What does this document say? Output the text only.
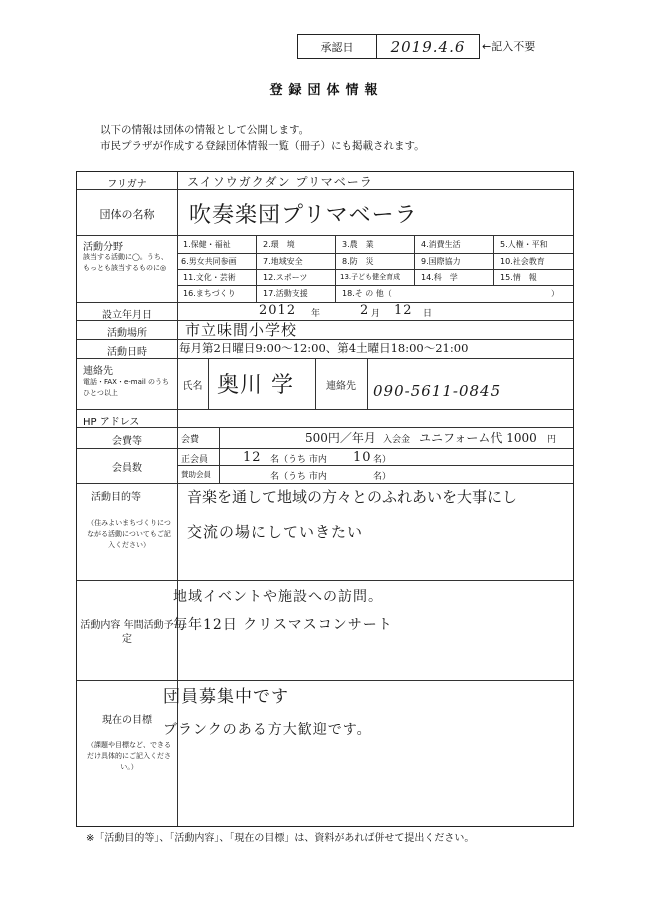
承認日	2019.4.6	←記入不要
登録団体情報
以下の情報は団体の情報として公開します。
市民プラザが作成する登録団体情報一覧（冊子）にも掲載されます。
フリガナ	スイソウガクダン プリマベーラ
団体の名称	吹奏楽団プリマベーラ
活動分野
該当する活動に◯。うち、もっとも該当するものに◎
1.保健・福祉	2.環　境	3.農　業	4.消費生活	5.人権・平和
6.男女共同参画	7.地域安全	8.防　災	9.国際協力	10.社会教育
11.文化・芸術	12.スポーツ	13.子ども健全育成	14.科　学	15.情　報
16.まちづくり	17.活動支援	18.そ の 他（	）
設立年月日	2012 年	2 月 12 日
活動場所	市立味間小学校
活動日時	毎月第2日曜日9:00〜12:00、第4土曜日18:00〜21:00
連絡先
電話・FAX・e-mail のうちひとつ以上
氏名 奥川 学	連絡先	090-5611-0845
HP アドレス
会費等	会費	500円／年月 入会金 ユニフォーム代 1000 円
会員数
正会員	12 名（うち 市内 10 名）
賛助会員	名（うち 市内	名）
活動目的等
（住みよいまちづくりにつながる活動についてもご記入ください）
音楽を通して地域の方々とのふれあいを大事にし
交流の場にしていきたい
活動内容 年間活動予定
地域イベントや施設への訪問。
毎年12日 クリスマスコンサート
現在の目標
（課題や目標など、できるだけ具体的にご記入ください。）
団員募集中です
ブランクのある方大歓迎です。
※「活動目的等」、「活動内容」、「現在の目標」は、資料があれば併せて提出ください。
